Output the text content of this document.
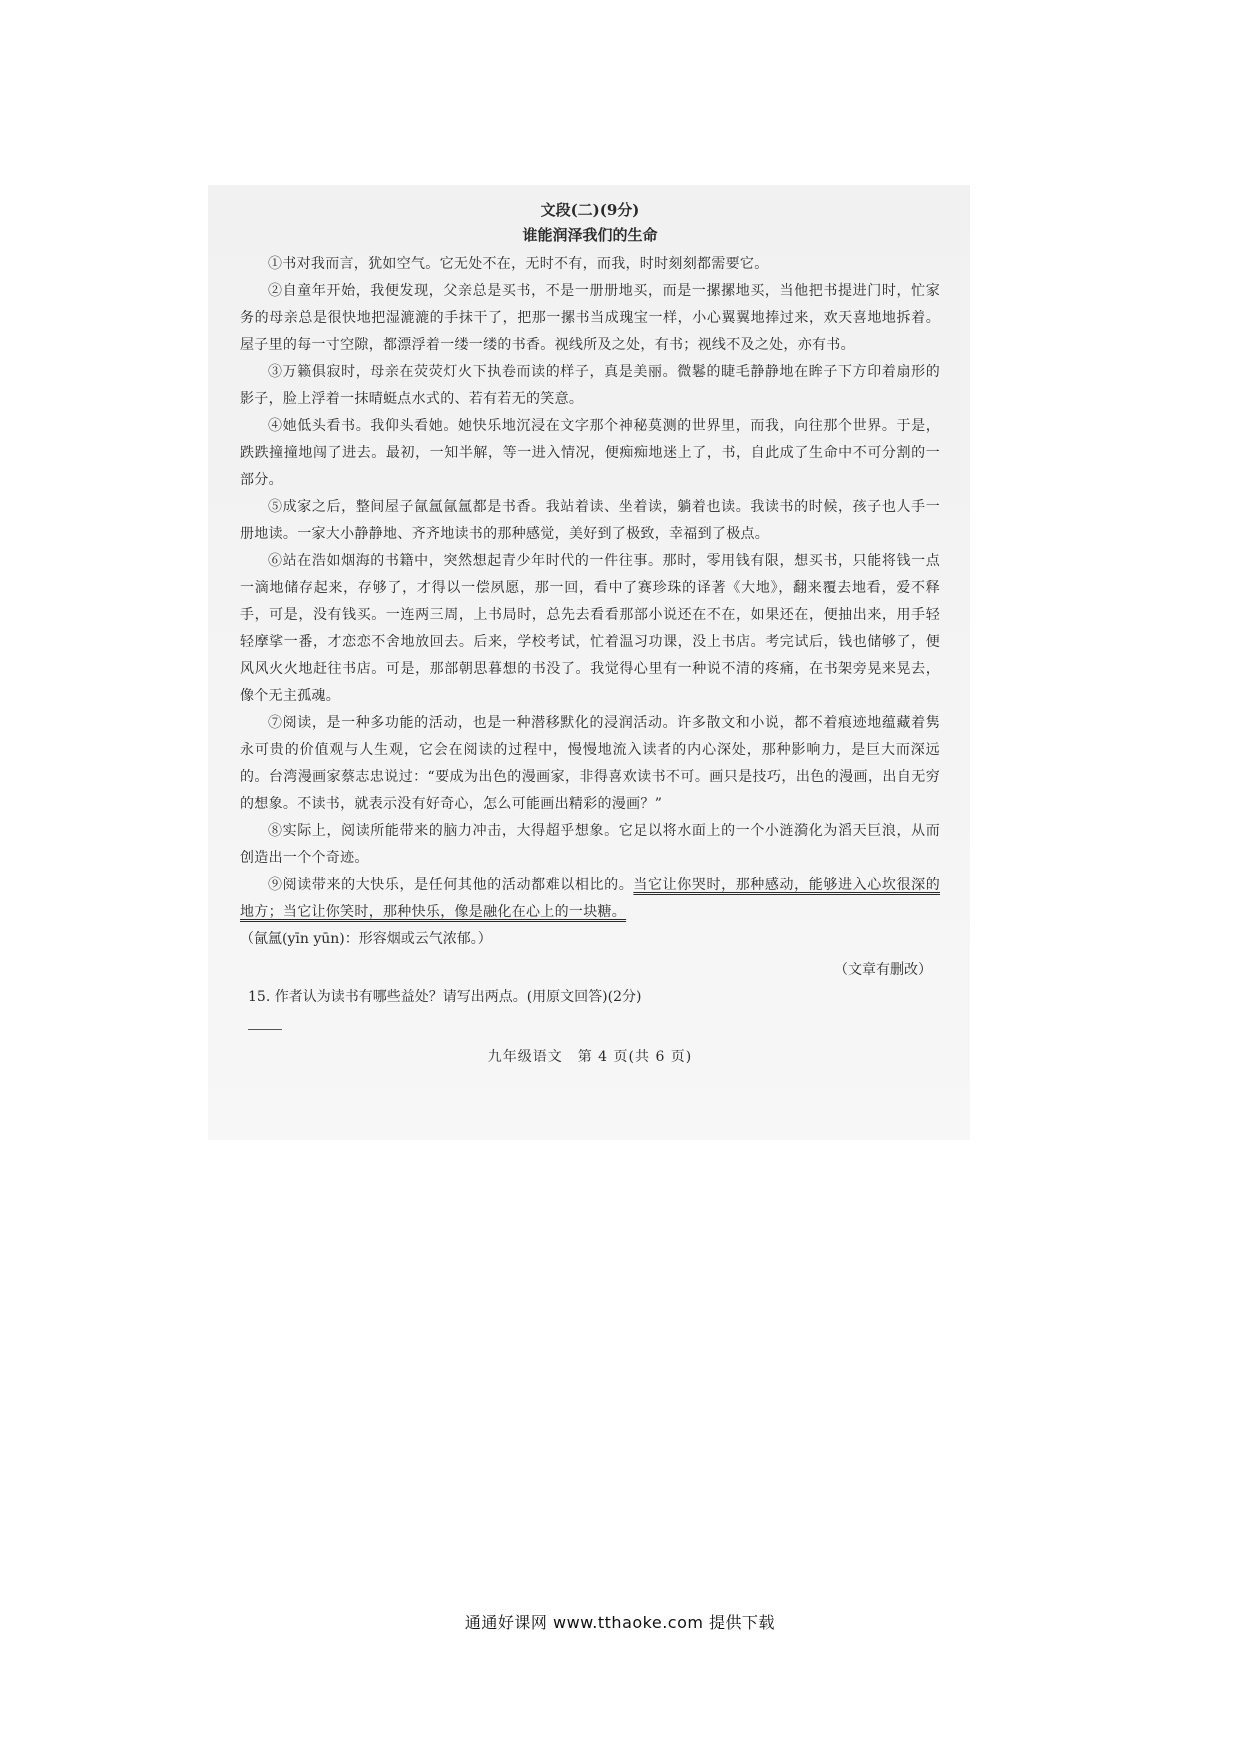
文段(二)(9分)
谁能润泽我们的生命

①书对我而言，犹如空气。它无处不在，无时不有，而我，时时刻刻都需要它。

②自童年开始，我便发现，父亲总是买书，不是一册册地买，而是一摞摞地买，当他把书提进门时，忙家务的母亲总是很快地把湿漉漉的手抹干了，把那一摞书当成瑰宝一样，小心翼翼地捧过来，欢天喜地地拆着。屋子里的每一寸空隙，都漂浮着一缕一缕的书香。视线所及之处，有书；视线不及之处，亦有书。

③万籁俱寂时，母亲在荧荧灯火下执卷而读的样子，真是美丽。微鬈的睫毛静静地在眸子下方印着扇形的影子，脸上浮着一抹晴蜓点水式的、若有若无的笑意。

④她低头看书。我仰头看她。她快乐地沉浸在文字那个神秘莫测的世界里，而我，向往那个世界。于是，跌跌撞撞地闯了进去。最初，一知半解，等一进入情况，便痴痴地迷上了，书，自此成了生命中不可分割的一部分。

⑤成家之后，整间屋子氤氲氤氲都是书香。我站着读、坐着读，躺着也读。我读书的时候，孩子也人手一册地读。一家大小静静地、齐齐地读书的那种感觉，美好到了极致，幸福到了极点。

⑥站在浩如烟海的书籍中，突然想起青少年时代的一件往事。那时，零用钱有限，想买书，只能将钱一点一滴地储存起来，存够了，才得以一偿夙愿，那一回，看中了赛珍珠的译著《大地》，翻来覆去地看，爱不释手，可是，没有钱买。一连两三周，上书局时，总先去看看那部小说还在不在，如果还在，便抽出来，用手轻轻摩挲一番，才恋恋不舍地放回去。后来，学校考试，忙着温习功课，没上书店。考完试后，钱也储够了，便风风火火地赶往书店。可是，那部朝思暮想的书没了。我觉得心里有一种说不清的疼痛，在书架旁晃来晃去，像个无主孤魂。

⑦阅读，是一种多功能的活动，也是一种潜移默化的浸润活动。许多散文和小说，都不着痕迹地蕴藏着隽永可贵的价值观与人生观，它会在阅读的过程中，慢慢地流入读者的内心深处，那种影响力，是巨大而深远的。台湾漫画家蔡志忠说过：“要成为出色的漫画家，非得喜欢读书不可。画只是技巧，出色的漫画，出自无穷的想象。不读书，就表示没有好奇心，怎么可能画出精彩的漫画？”

⑧实际上，阅读所能带来的脑力冲击，大得超乎想象。它足以将水面上的一个小涟漪化为滔天巨浪，从而创造出一个个奇迹。

⑨阅读带来的大快乐，是任何其他的活动都难以相比的。当它让你哭时，那种感动，能够进入心坎很深的地方；当它让你笑时，那种快乐，像是融化在心上的一块糖。

（氤氲(yīn yūn)：形容烟或云气浓郁。）

（文章有删改）
15. 作者认为读书有哪些益处？请写出两点。(用原文回答)(2分)
九年级语文　第 4 页(共 6 页)
通通好课网 www.tthaoke.com 提供下载
